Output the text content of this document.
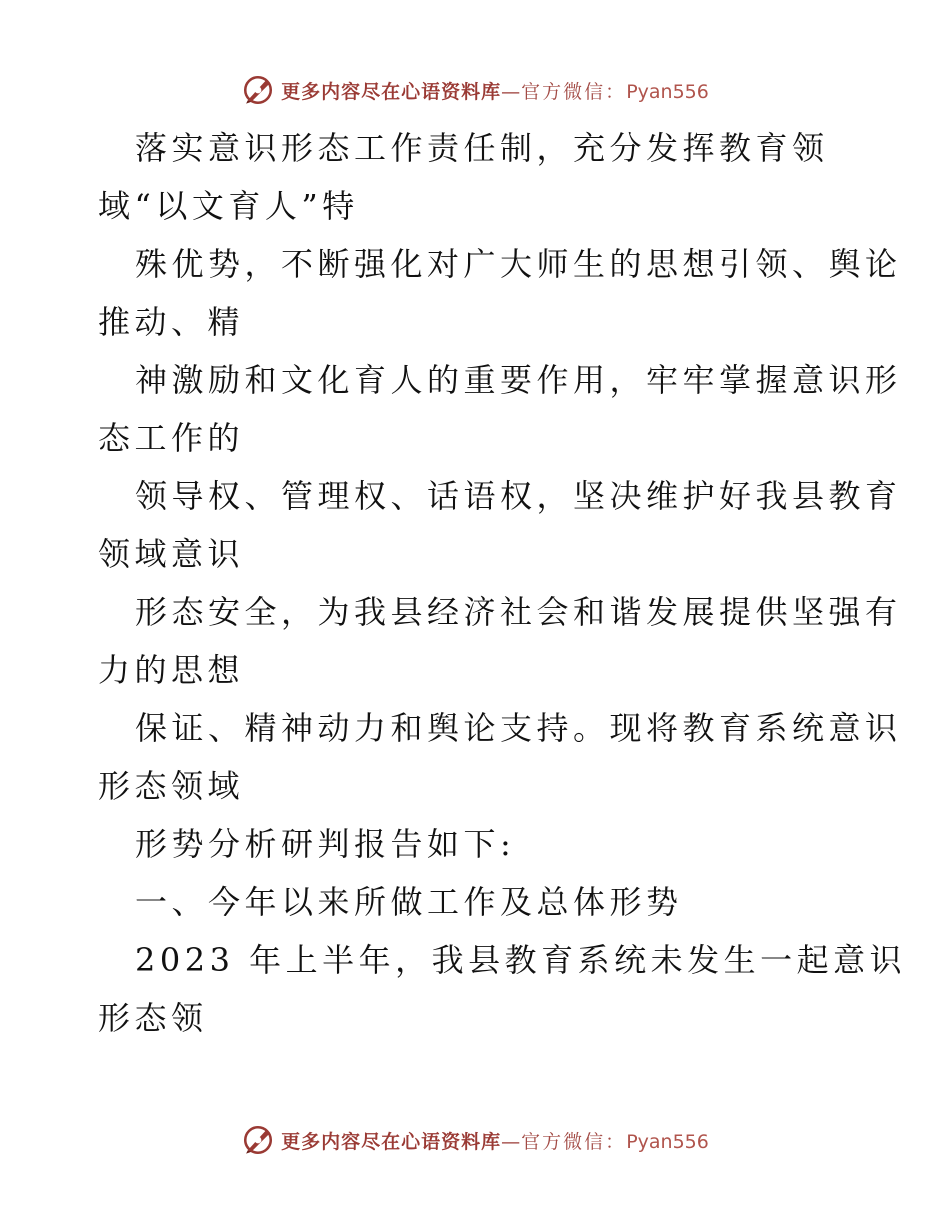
更多内容尽在心语资料库—官方微信：Pyan556
落实意识形态工作责任制，充分发挥教育领
域“以文育人”特
殊优势，不断强化对广大师生的思想引领、舆论
推动、精
神激励和文化育人的重要作用，牢牢掌握意识形
态工作的
领导权、管理权、话语权，坚决维护好我县教育
领域意识
形态安全，为我县经济社会和谐发展提供坚强有
力的思想
保证、精神动力和舆论支持。现将教育系统意识
形态领域
形势分析研判报告如下:
一、今年以来所做工作及总体形势
2023 年上半年，我县教育系统未发生一起意识
形态领
更多内容尽在心语资料库—官方微信：Pyan556
